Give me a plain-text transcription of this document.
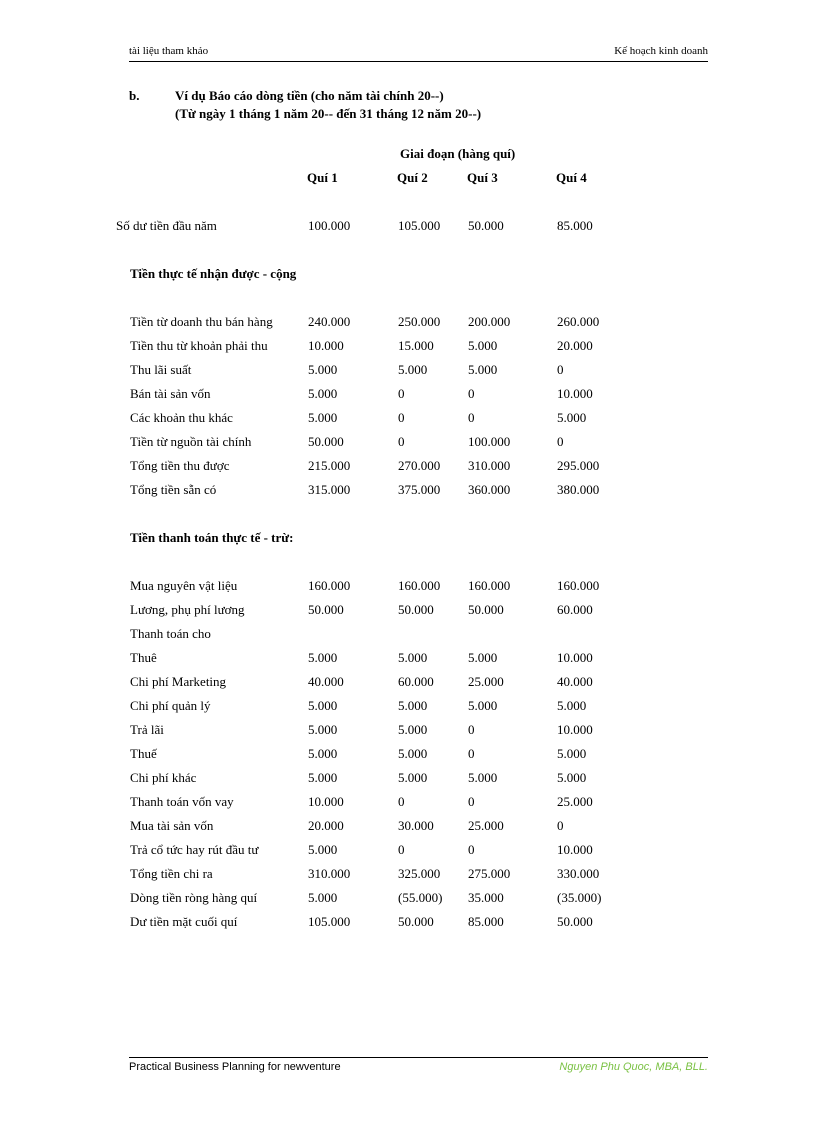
tài liệu tham khảo	Kế hoạch kinh doanh
b.	Ví dụ Báo cáo dòng tiền (cho năm tài chính 20--)
(Từ ngày 1 tháng 1 năm 20-- đến 31 tháng 12 năm 20--)
Giai đoạn (hàng quí)
Quí 1	Quí 2	Quí 3	Quí 4
Số dư tiền đầu năm	100.000	105.000 50.000	85.000
Tiền thực tế nhận được - cộng
Tiền từ doanh thu bán hàng	240.000	250.000 200.000	260.000
Tiền thu từ khoản phải thu	10.000	15.000	5.000	20.000
Thu lãi suất	5.000	5.000	5.000	0
Bán tài sản vốn	5.000	0	0	10.000
Các khoản thu khác	5.000	0	0	5.000
Tiền từ nguồn tài chính	50.000	0	100.000	0
Tổng tiền thu được	215.000	270.000 310.000	295.000
Tổng tiền sẵn có	315.000	375.000 360.000	380.000
Tiền thanh toán thực tế - trừ:
Mua nguyên vật liệu	160.000	160.000 160.000	160.000
Lương, phụ phí lương	50.000	50.000	50.000	60.000
Thanh toán cho
Thuê	5.000	5.000	5.000	10.000
Chi phí Marketing	40.000	60.000	25.000	40.000
Chi phí quản lý	5.000	5.000	5.000	5.000
Trả lãi	5.000	5.000	0	10.000
Thuế	5.000	5.000	0	5.000
Chi phí khác	5.000	5.000	5.000	5.000
Thanh toán vốn vay	10.000	0	0	25.000
Mua tài sản vốn	20.000	30.000	25.000	0
Trả cổ tức hay rút đầu tư	5.000	0	0	10.000
Tổng tiền chi ra	310.000	325.000 275.000	330.000
Dòng tiền ròng hàng quí	5.000	(55.000) 35.000	(35.000)
Dư tiền mặt cuối quí	105.000	50.000	85.000	50.000
Practical Business Planning for newventure	Nguyen Phu Quoc, MBA, BLL.
